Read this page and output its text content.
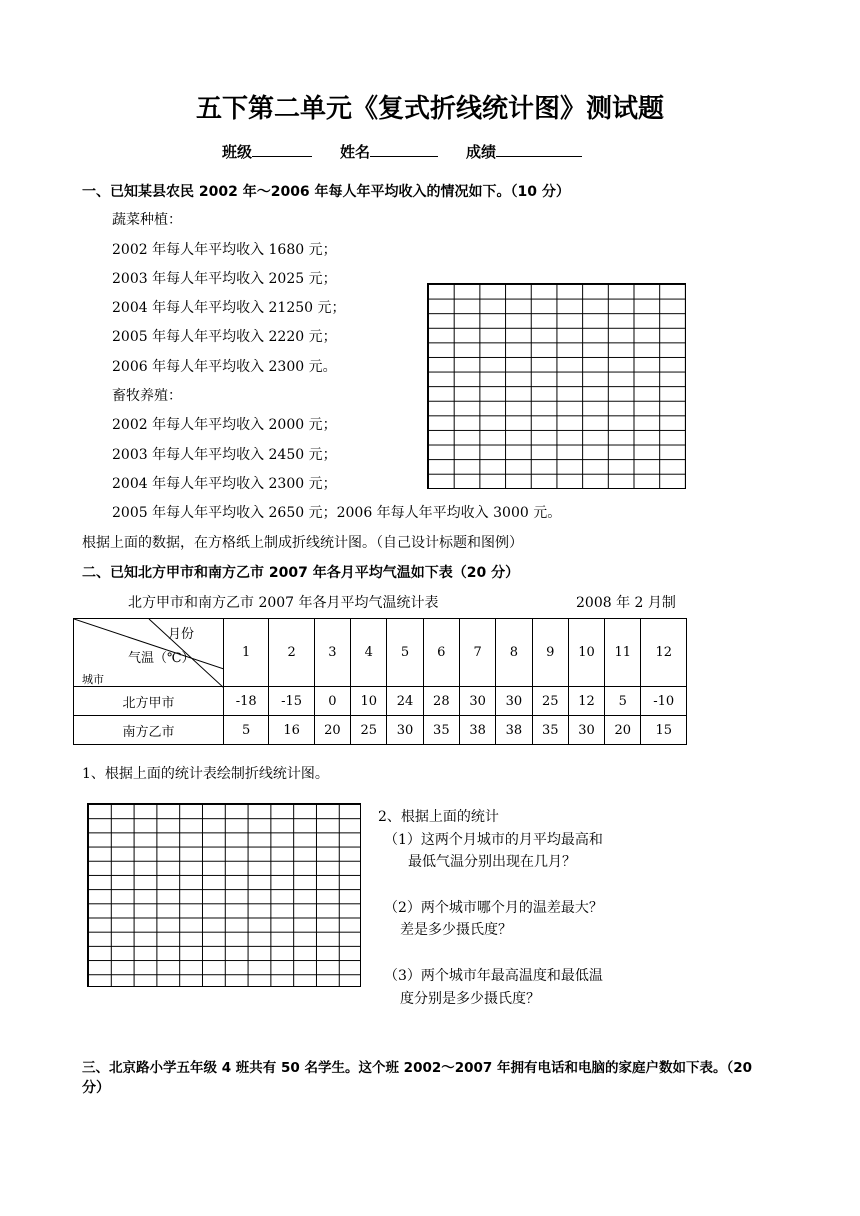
五下第二单元《复式折线统计图》测试题
班级	姓名	成绩
一、已知某县农民 2002 年～2006 年每人年平均收入的情况如下。（10 分）
蔬菜种植：
2002 年每人年平均收入 1680 元；
2003 年每人年平均收入 2025 元；
2004 年每人年平均收入 21250 元；
2005 年每人年平均收入 2220 元；
2006 年每人年平均收入 2300 元。
畜牧养殖：
2002 年每人年平均收入 2000 元；
2003 年每人年平均收入 2450 元；
2004 年每人年平均收入 2300 元；
2005 年每人年平均收入 2650 元；2006 年每人年平均收入 3000 元。
根据上面的数据，在方格纸上制成折线统计图。（自己设计标题和图例）
二、已知北方甲市和南方乙市 2007 年各月平均气温如下表（20 分）
北方甲市和南方乙市 2007 年各月平均气温统计表	2008 年 2 月制
月份
气温（℃）
城市	1	2	3	4	5	6	7	8	9	10	11	12
北方甲市	-18	-15	0	10	24	28	30	30	25	12	5	-10
南方乙市	5	16	20	25	30	35	38	38	35	30	20	15
1、根据上面的统计表绘制折线统计图。
2、根据上面的统计
（1）这两个月城市的月平均最高和
最低气温分别出现在几月？
（2）两个城市哪个月的温差最大？
差是多少摄氏度？
（3）两个城市年最高温度和最低温
度分别是多少摄氏度？
三、北京路小学五年级 4 班共有 50 名学生。这个班 2002～2007 年拥有电话和电脑的家庭户数如下表。（20
分）
